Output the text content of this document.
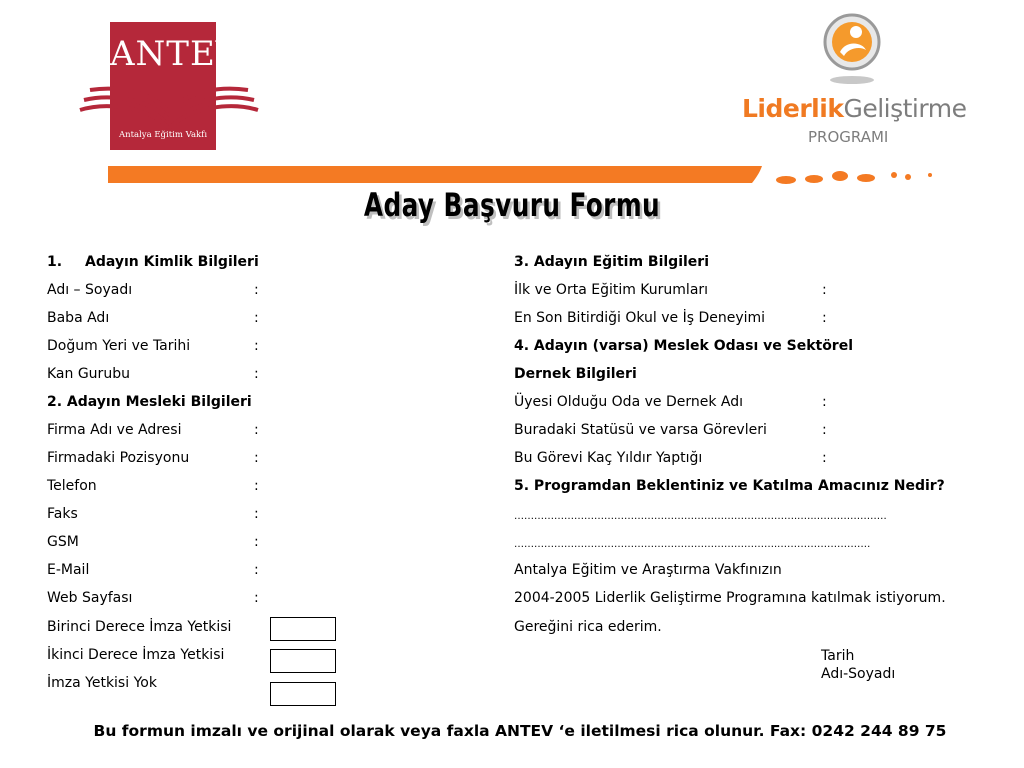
ANTEV
Antalya Eğitim Vakfı
LiderlikGeliştirme
PROGRAMI
Aday Başvuru Formu
1. Adayın Kimlik Bilgileri
Adı – Soyadı	:
Baba Adı	:
Doğum Yeri ve Tarihi	:
Kan Gurubu	:
2. Adayın Mesleki Bilgileri
Firma Adı ve Adresi	:
Firmadaki Pozisyonu	:
Telefon	:
Faks	:
GSM	:
E-Mail	:
Web Sayfası	:
Birinci Derece İmza Yetkisi
İkinci Derece İmza Yetkisi
İmza Yetkisi Yok
3. Adayın Eğitim Bilgileri
İlk ve Orta Eğitim Kurumları	:
En Son Bitirdiği Okul ve İş Deneyimi	:
4. Adayın (varsa) Meslek Odası ve Sektörel
Dernek Bilgileri
Üyesi Olduğu Oda ve Dernek Adı	:
Buradaki Statüsü ve varsa Görevleri	:
Bu Görevi Kaç Yıldır Yaptığı	:
5. Programdan Beklentiniz ve Katılma Amacınız Nedir?
…………………………………………………………………………..…..…………………
……………………………………………………………………..………………………
Antalya Eğitim ve Araştırma Vakfınızın
2004-2005 Liderlik Geliştirme Programına katılmak istiyorum.
Gereğini rica ederim.
Tarih
Adı-Soyadı
Bu formun imzalı ve orijinal olarak veya faxla ANTEV ‘e iletilmesi rica olunur. Fax: 0242 244 89 75
